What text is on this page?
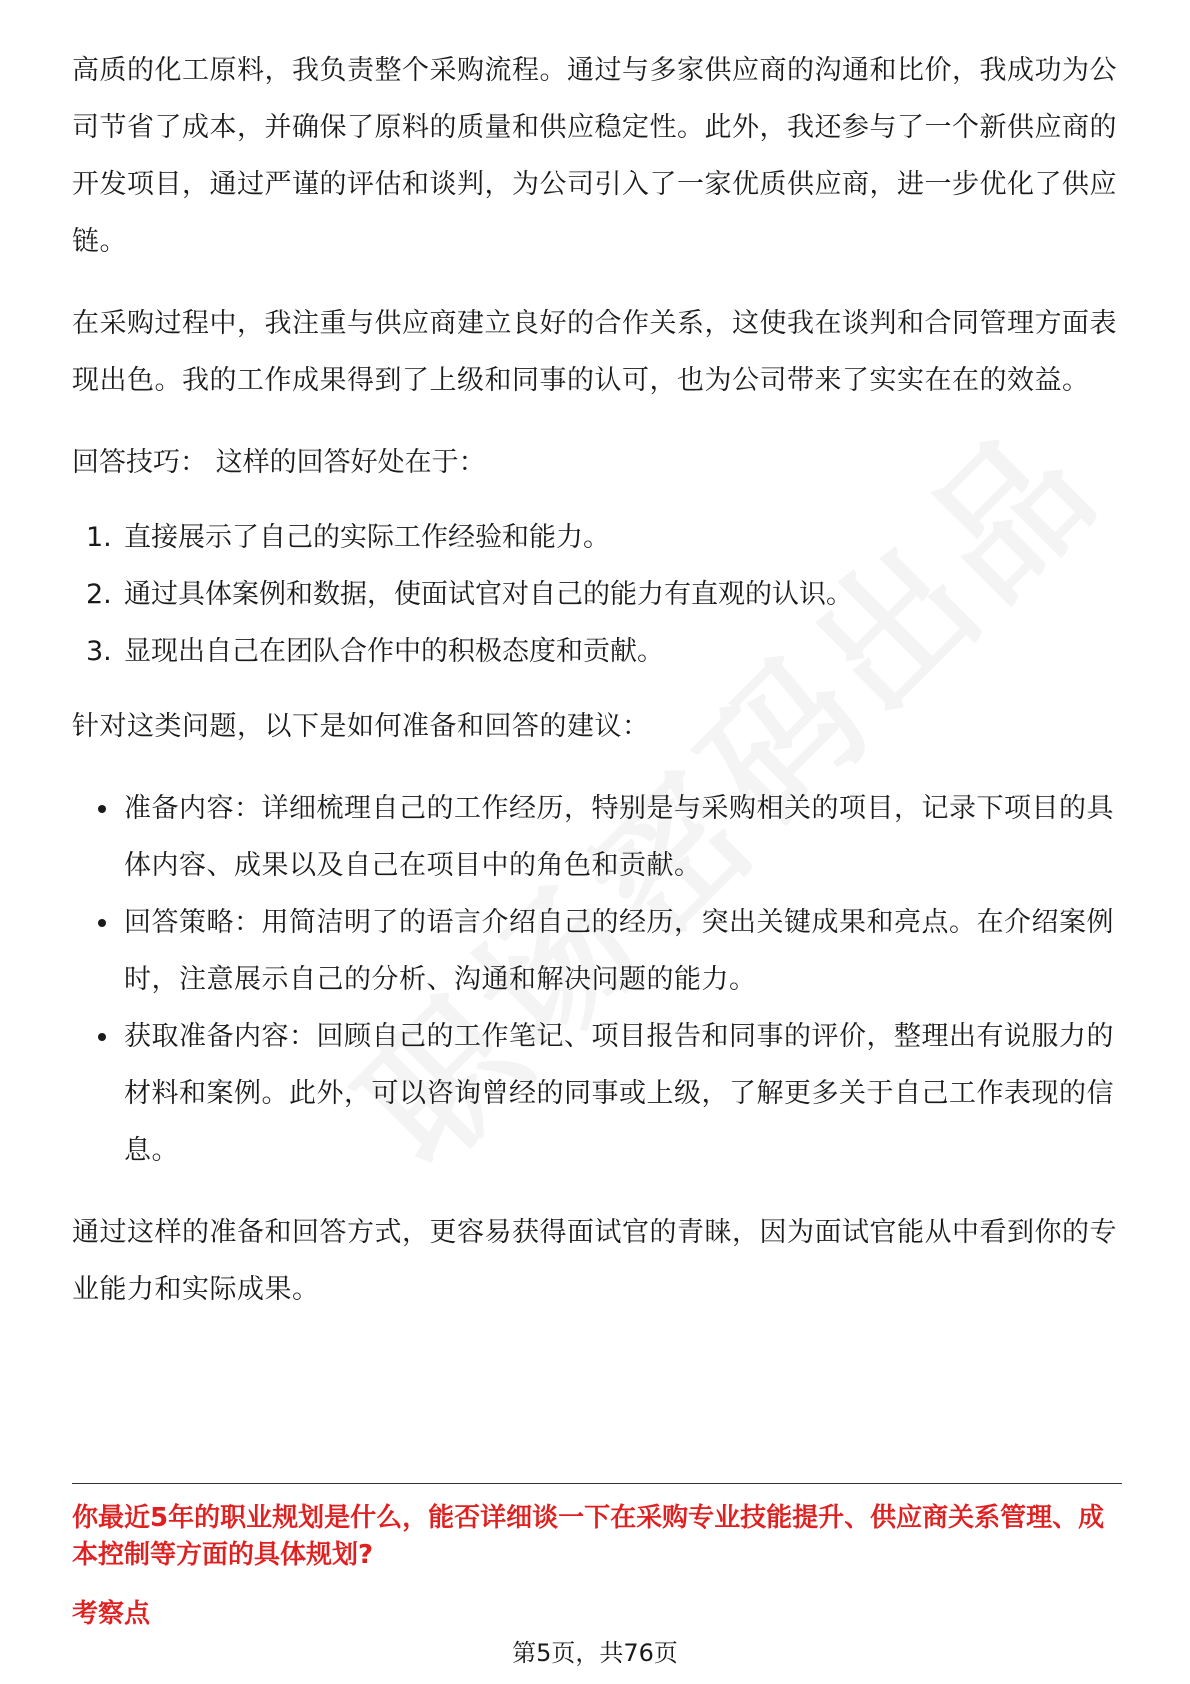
高质的化工原料，我负责整个采购流程。通过与多家供应商的沟通和比价，我成功为公司节省了成本，并确保了原料的质量和供应稳定性。此外，我还参与了一个新供应商的开发项目，通过严谨的评估和谈判，为公司引入了一家优质供应商，进一步优化了供应链。

在采购过程中，我注重与供应商建立良好的合作关系，这使我在谈判和合同管理方面表现出色。我的工作成果得到了上级和同事的认可，也为公司带来了实实在在的效益。

回答技巧： 这样的回答好处在于：

1. 直接展示了自己的实际工作经验和能力。
2. 通过具体案例和数据，使面试官对自己的能力有直观的认识。
3. 显现出自己在团队合作中的积极态度和贡献。

针对这类问题，以下是如何准备和回答的建议：

准备内容：详细梳理自己的工作经历，特别是与采购相关的项目，记录下项目的具体内容、成果以及自己在项目中的角色和贡献。
回答策略：用简洁明了的语言介绍自己的经历，突出关键成果和亮点。在介绍案例时，注意展示自己的分析、沟通和解决问题的能力。
获取准备内容：回顾自己的工作笔记、项目报告和同事的评价，整理出有说服力的材料和案例。此外，可以咨询曾经的同事或上级，了解更多关于自己工作表现的信息。

通过这样的准备和回答方式，更容易获得面试官的青睐，因为面试官能从中看到你的专业能力和实际成果。

你最近5年的职业规划是什么，能否详细谈一下在采购专业技能提升、供应商关系管理、成本控制等方面的具体规划?
考察点
第5页，共76页
